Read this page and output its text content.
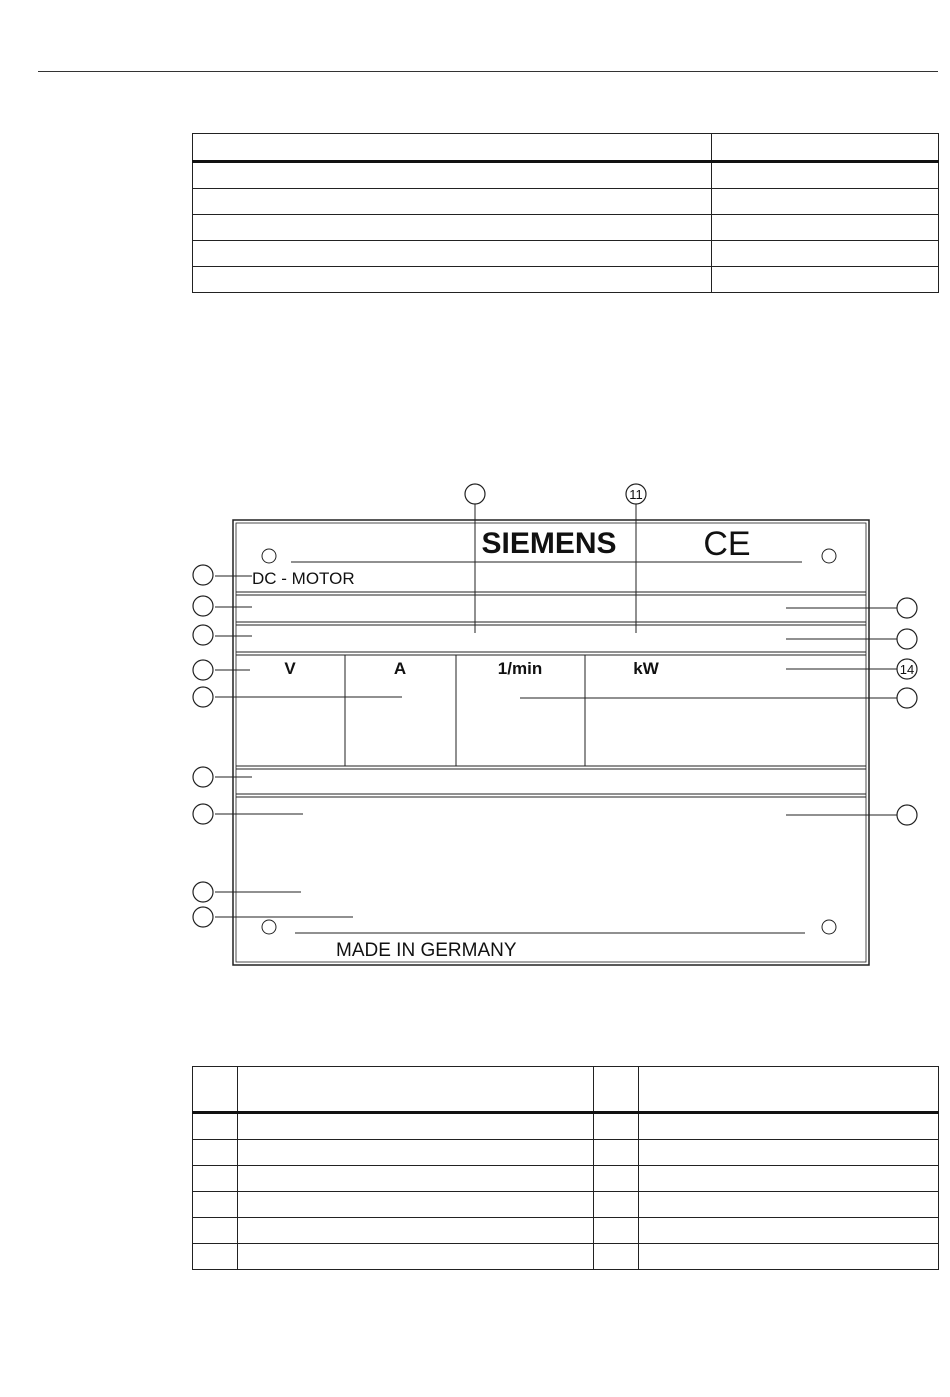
SIEMENS	CE
DC - MOTOR
V	A	1/min	kW
MADE IN GERMANY
11
14
